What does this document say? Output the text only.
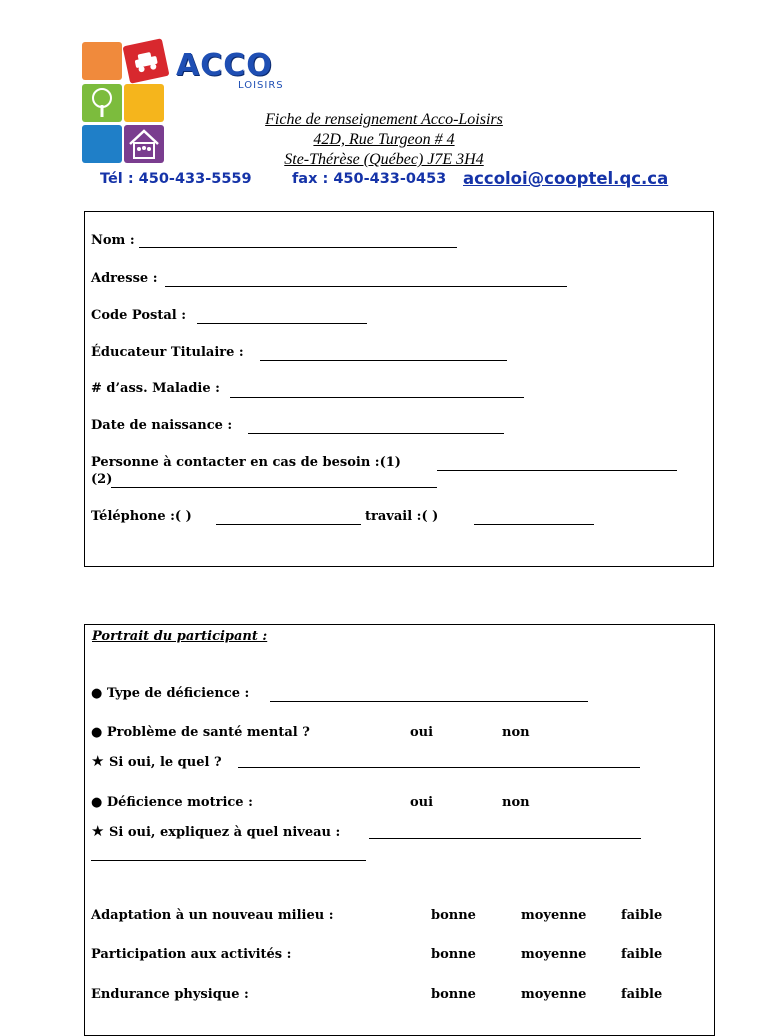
ACCO
LOISIRS
Fiche de renseignement Acco-Loisirs
42D, Rue Turgeon # 4
Ste-Thérèse (Québec) J7E 3H4
Tél : 450-433-5559	fax : 450-433-0453 accoloi@cooptel.qc.ca
Nom :
Adresse :
Code Postal :
Éducateur Titulaire :
# d’ass. Maladie :
Date de naissance :
Personne à contacter en cas de besoin :(1)
(2)
Téléphone :( )	travail :( )
Portrait du participant :
● Type de déficience :
● Problème de santé mental ?	oui	non
★ Si oui, le quel ?
● Déficience motrice :	oui	non
★ Si oui, expliquez à quel niveau :
Adaptation à un nouveau milieu :	bonne	moyenne	faible
Participation aux activités :	bonne	moyenne	faible
Endurance physique :	bonne	moyenne	faible
